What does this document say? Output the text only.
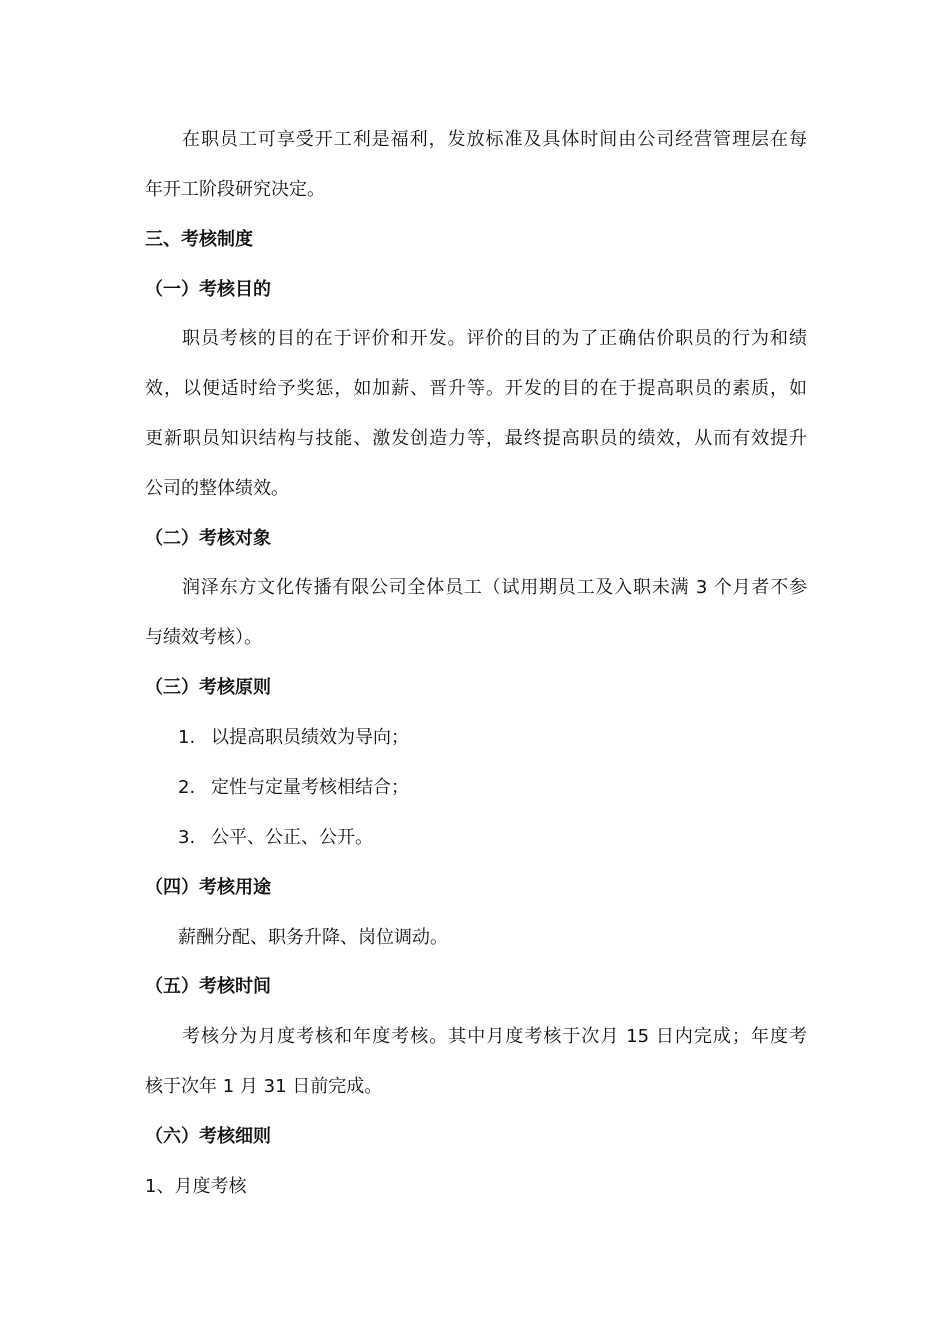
在职员工可享受开工利是福利，发放标准及具体时间由公司经营管理层在每
年开工阶段研究决定。
三、考核制度
（一）考核目的
职员考核的目的在于评价和开发。评价的目的为了正确估价职员的行为和绩
效，以便适时给予奖惩，如加薪、晋升等。开发的目的在于提高职员的素质，如
更新职员知识结构与技能、激发创造力等，最终提高职员的绩效，从而有效提升
公司的整体绩效。
（二）考核对象
润泽东方文化传播有限公司全体员工（试用期员工及入职未满 3 个月者不参
与绩效考核）。
（三）考核原则
1. 以提高职员绩效为导向；
2. 定性与定量考核相结合；
3. 公平、公正、公开。
（四）考核用途
薪酬分配、职务升降、岗位调动。
（五）考核时间
考核分为月度考核和年度考核。其中月度考核于次月 15 日内完成；年度考
核于次年 1 月 31 日前完成。
（六）考核细则
1、月度考核
